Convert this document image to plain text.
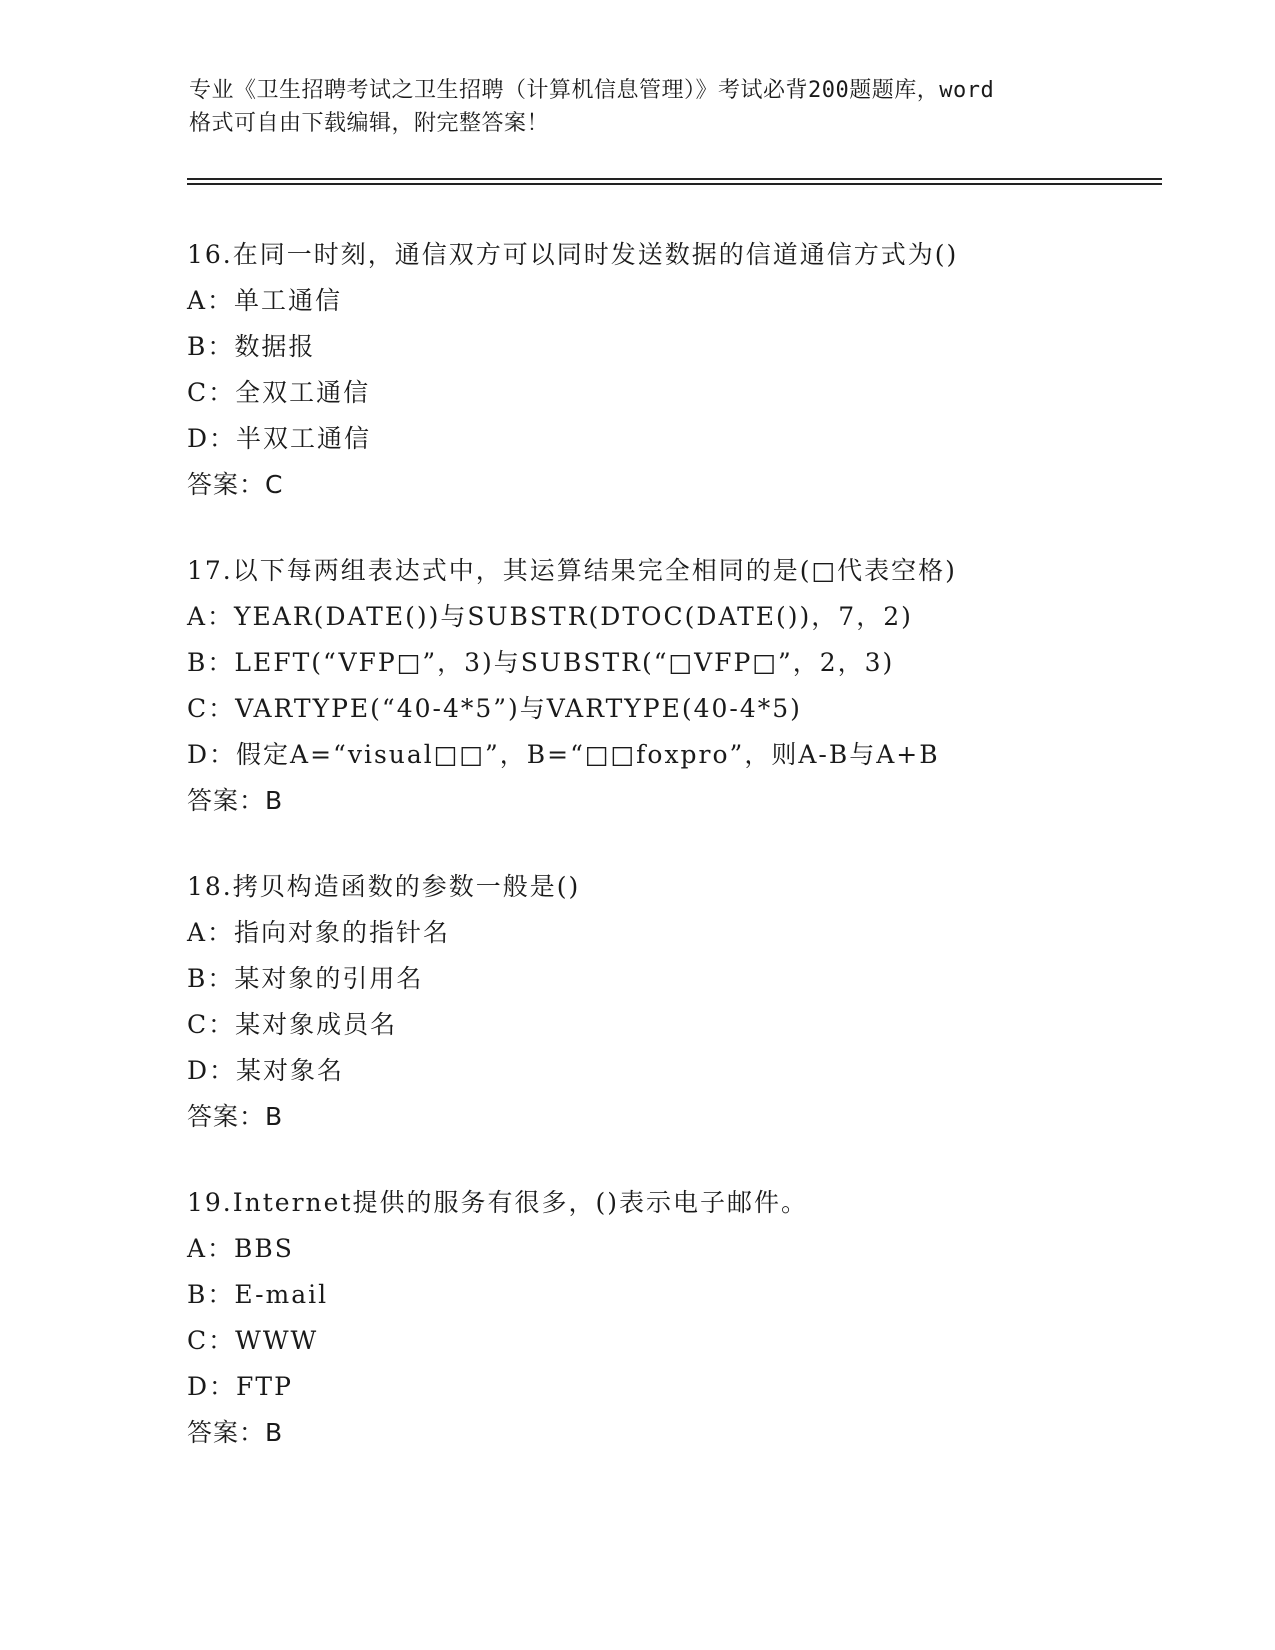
专业《卫生招聘考试之卫生招聘（计算机信息管理）》考试必背200题题库，word
格式可自由下载编辑，附完整答案！
16.在同一时刻，通信双方可以同时发送数据的信道通信方式为()
A：单工通信
B：数据报
C：全双工通信
D：半双工通信
答案：C
17.以下每两组表达式中，其运算结果完全相同的是(□代表空格)
A：YEAR(DATE())与SUBSTR(DTOC(DATE())，7，2)
B：LEFT(“VFP□”，3)与SUBSTR(“□VFP□”，2，3)
C：VARTYPE(“40-4*5”)与VARTYPE(40-4*5)
D：假定A=“visual□□”，B=“□□foxpro”，则A-B与A+B
答案：B
18.拷贝构造函数的参数一般是()
A：指向对象的指针名
B：某对象的引用名
C：某对象成员名
D：某对象名
答案：B
19.Internet提供的服务有很多，()表示电子邮件。
A：BBS
B：E-mail
C：WWW
D：FTP
答案：B
